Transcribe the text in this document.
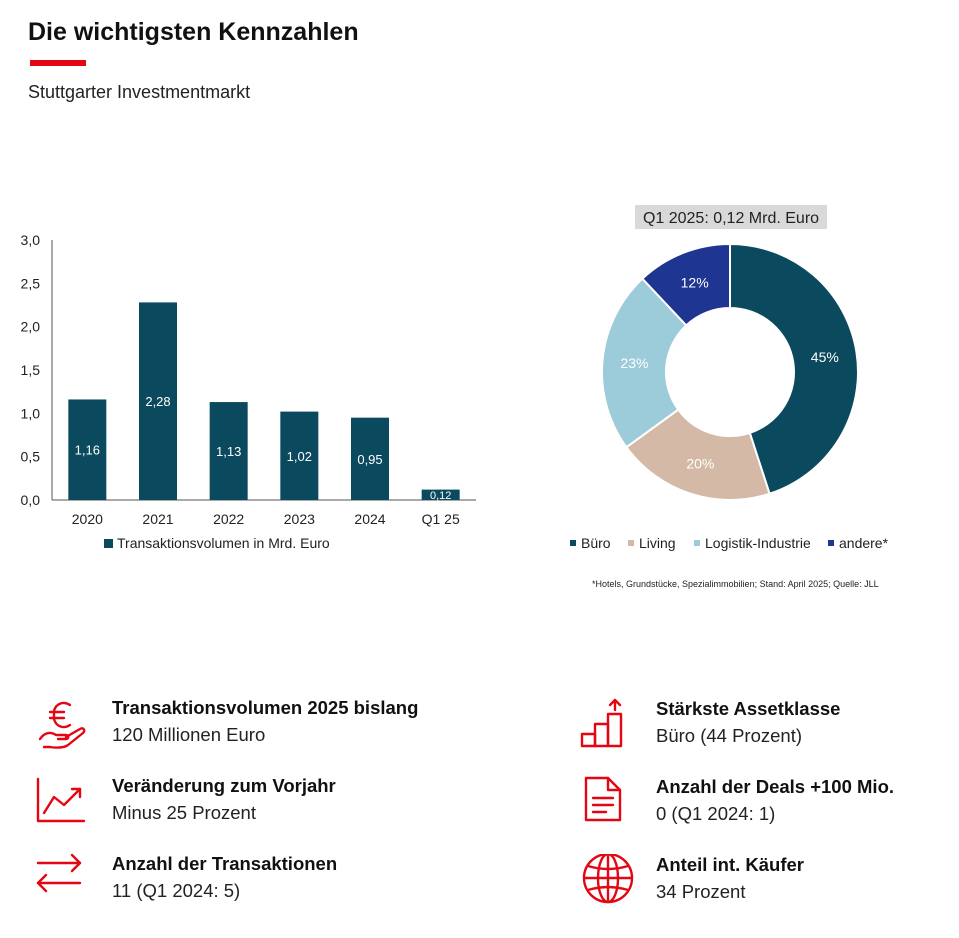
Die wichtigsten Kennzahlen
Stuttgarter Investmentmarkt
0,0
0,5
1,0
1,5
2,0
2,5
3,0
1,16
2020
2,28
2021
1,13
2022
1,02
2023
0,95
2024
0,12
Q1 25
Transaktionsvolumen in Mrd. Euro
Q1 2025: 0,12 Mrd. Euro
45%
20%
23%
12%
Büro Living Logistik-Industrie andere*
*Hotels, Grundstücke, Spezialimmobilien; Stand: April 2025; Quelle: JLL
Transaktionsvolumen 2025 bislang
120 Millionen Euro
Veränderung zum Vorjahr
Minus 25 Prozent
Anzahl der Transaktionen
11 (Q1 2024: 5)
Stärkste Assetklasse
Büro (44 Prozent)
Anzahl der Deals +100 Mio.
0 (Q1 2024: 1)
Anteil int. Käufer
34 Prozent
